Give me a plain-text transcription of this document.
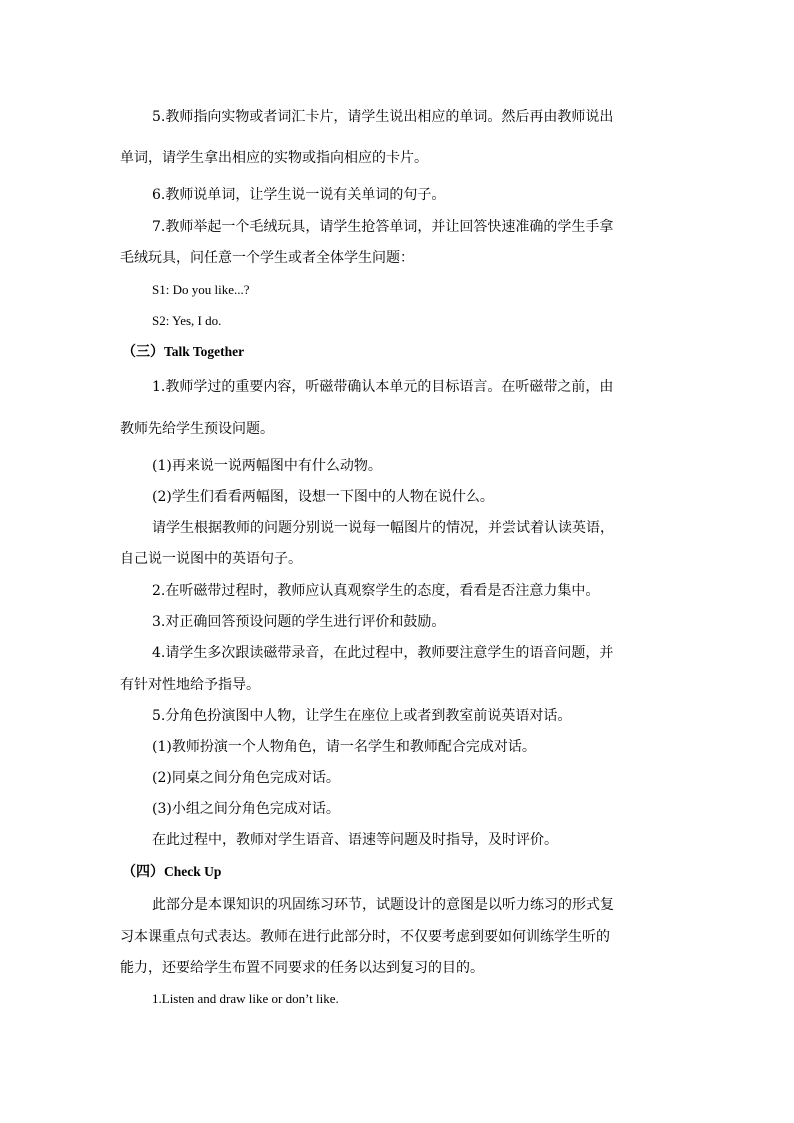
5.教师指向实物或者词汇卡片，请学生说出相应的单词。然后再由教师说出
单词，请学生拿出相应的实物或指向相应的卡片。
6.教师说单词，让学生说一说有关单词的句子。
7.教师举起一个毛绒玩具，请学生抢答单词，并让回答快速准确的学生手拿
毛绒玩具，问任意一个学生或者全体学生问题：
S1: Do you like...?
S2: Yes, I do.
（三）Talk Together
1.教师学过的重要内容，听磁带确认本单元的目标语言。在听磁带之前，由
教师先给学生预设问题。
(1)再来说一说两幅图中有什么动物。
(2)学生们看看两幅图，设想一下图中的人物在说什么。
请学生根据教师的问题分别说一说每一幅图片的情况，并尝试着认读英语，
自己说一说图中的英语句子。
2.在听磁带过程时，教师应认真观察学生的态度，看看是否注意力集中。
3.对正确回答预设问题的学生进行评价和鼓励。
4.请学生多次跟读磁带录音，在此过程中，教师要注意学生的语音问题，并
有针对性地给予指导。
5.分角色扮演图中人物，让学生在座位上或者到教室前说英语对话。
(1)教师扮演一个人物角色，请一名学生和教师配合完成对话。
(2)同桌之间分角色完成对话。
(3)小组之间分角色完成对话。
在此过程中，教师对学生语音、语速等问题及时指导，及时评价。
（四）Check Up
此部分是本课知识的巩固练习环节，试题设计的意图是以听力练习的形式复
习本课重点句式表达。教师在进行此部分时，不仅要考虑到要如何训练学生听的
能力，还要给学生布置不同要求的任务以达到复习的目的。
1.Listen and draw like or don’t like.
